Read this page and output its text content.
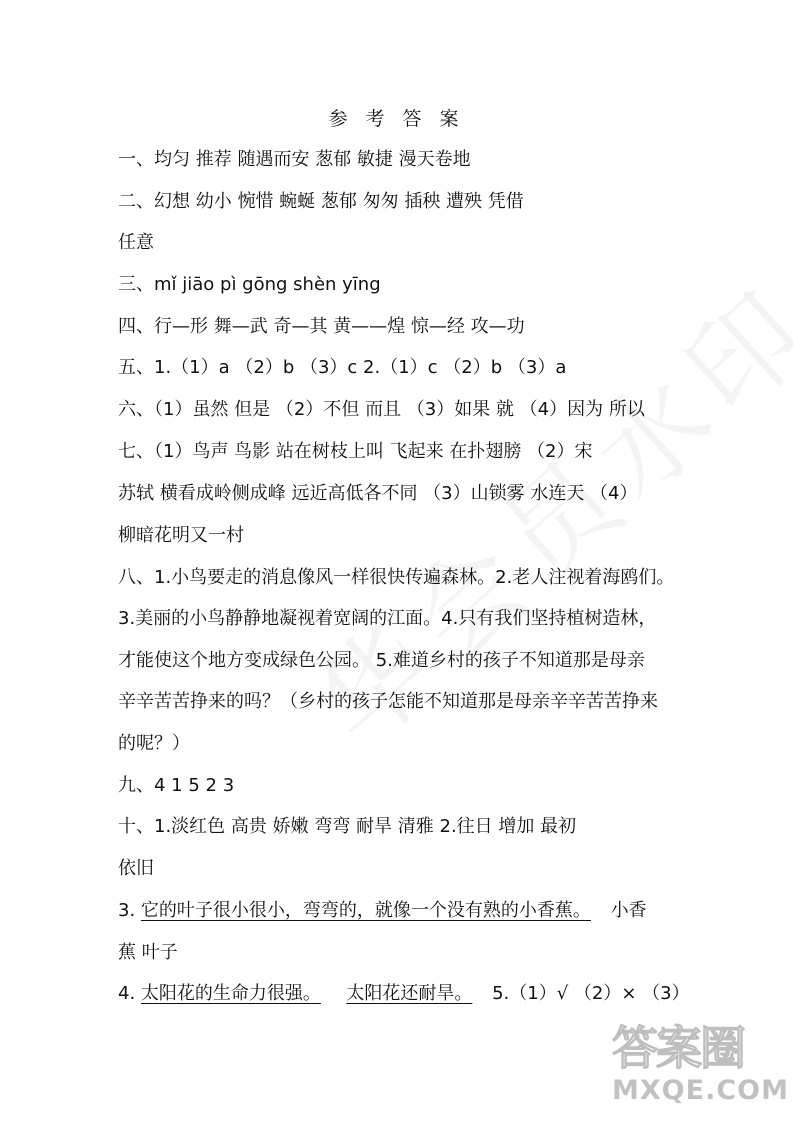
参 考 答 案
一、均匀 推荐 随遇而安 葱郁 敏捷 漫天卷地
二、幻想 幼小 惋惜 蜿蜒 葱郁 匆匆 插秧 遭殃 凭借
任意
三、mǐ jiāo pì gōng shèn yīng
四、行—形 舞—武 奇—其 黄——煌 惊—经 攻—功
五、1.（1）a （2）b （3）c 2.（1）c （2）b （3）a
六、（1）虽然 但是 （2）不但 而且 （3）如果 就 （4）因为 所以
七、（1）鸟声 鸟影 站在树枝上叫 飞起来 在扑翅膀 （2）宋
苏轼 横看成岭侧成峰 远近高低各不同 （3）山锁雾 水连天 （4）
柳暗花明又一村
八、1.小鸟要走的消息像风一样很快传遍森林。2.老人注视着海鸥们。
3.美丽的小鸟静静地凝视着宽阔的江面。4.只有我们坚持植树造林，
才能使这个地方变成绿色公园。 5.难道乡村的孩子不知道那是母亲
辛辛苦苦挣来的吗？（乡村的孩子怎能不知道那是母亲辛辛苦苦挣来
的呢？）
九、4 1 5 2 3
十、1.淡红色 高贵 娇嫩 弯弯 耐旱 清雅 2.往日 增加 最初
依旧
3. 它的叶子很小很小，弯弯的，就像一个没有熟的小香蕉。 小香
蕉 叶子
4. 太阳花的生命力很强。 太阳花还耐旱。 5.（1）√ （2）× （3）
答案圈
MXQE.COM
